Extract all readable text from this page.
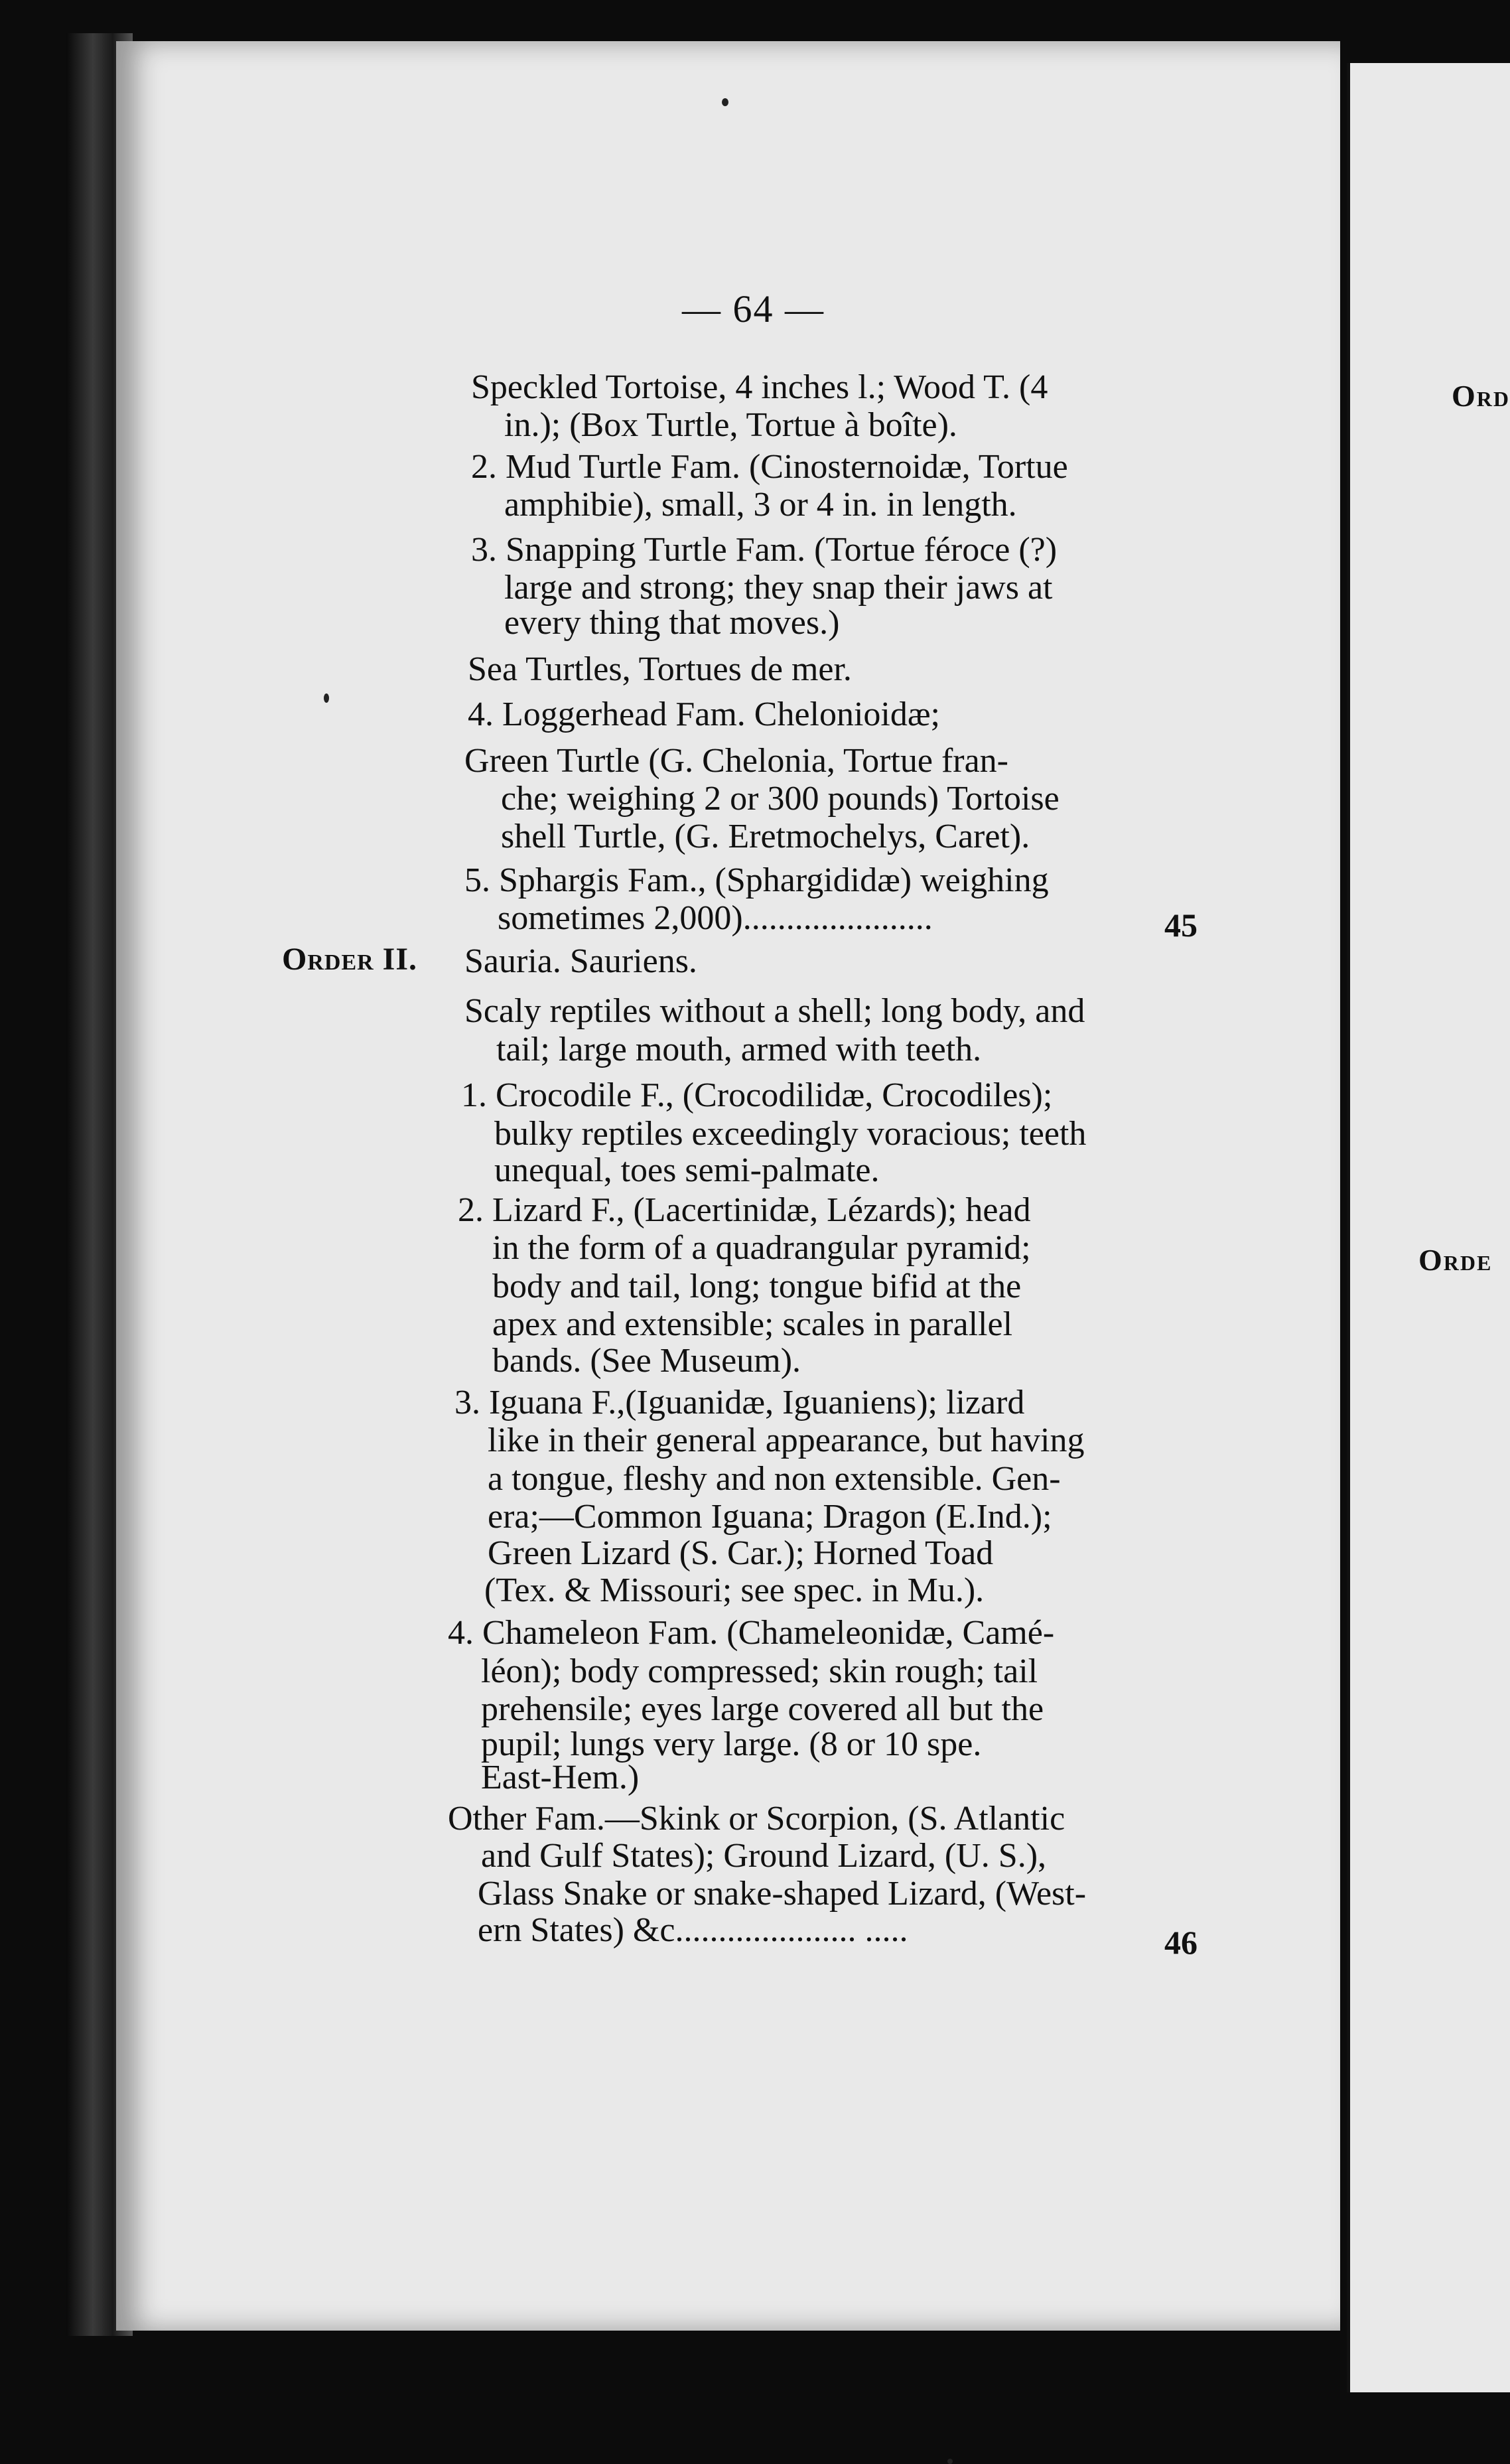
Ord
Orde
— 64 —
Order II.
45
46
Speckled Tortoise, 4 inches l.; Wood T. (4
in.); (Box Turtle, Tortue à boîte).
2. Mud Turtle Fam. (Cinosternoidæ, Tortue
amphibie), small, 3 or 4 in. in length.
3. Snapping Turtle Fam. (Tortue féroce (?)
large and strong; they snap their jaws at
every thing that moves.)
Sea Turtles, Tortues de mer.
4. Loggerhead Fam. Chelonioidæ;
Green Turtle (G. Chelonia, Tortue fran-
che; weighing 2 or 300 pounds) Tortoise
shell Turtle, (G. Eretmochelys, Caret).
5. Sphargis Fam., (Sphargididæ) weighing
sometimes 2,000)......................
Sauria. Sauriens.
Scaly reptiles without a shell; long body, and
tail; large mouth, armed with teeth.
1. Crocodile F., (Crocodilidæ, Crocodiles);
bulky reptiles exceedingly voracious; teeth
unequal, toes semi-palmate.
2. Lizard F., (Lacertinidæ, Lézards); head
in the form of a quadrangular pyramid;
body and tail, long; tongue bifid at the
apex and extensible; scales in parallel
bands. (See Museum).
3. Iguana F.,(Iguanidæ, Iguaniens); lizard
like in their general appearance, but having
a tongue, fleshy and non extensible. Gen-
era;—Common Iguana; Dragon (E.Ind.);
Green Lizard (S. Car.); Horned Toad
(Tex. & Missouri; see spec. in Mu.).
4. Chameleon Fam. (Chameleonidæ, Camé-
léon); body compressed; skin rough; tail
prehensile; eyes large covered all but the
pupil; lungs very large. (8 or 10 spe.
East-Hem.)
Other Fam.—Skink or Scorpion, (S. Atlantic
and Gulf States); Ground Lizard, (U. S.),
Glass Snake or snake-shaped Lizard, (West-
ern States) &c..................... .....
